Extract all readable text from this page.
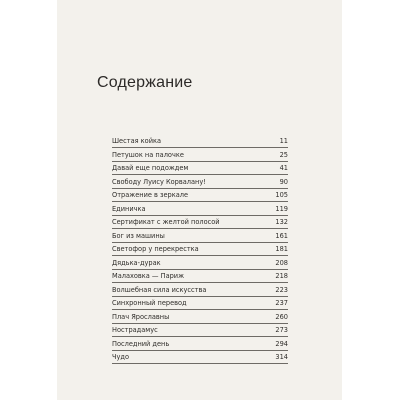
Содержание
Шестая койка	11
Петушок на палочке	25
Давай еще подождем	41
Свободу Луису Корвалану!	90
Отражение в зеркале	105
Единичка	119
Сертификат с желтой полосой	132
Бог из машины	161
Светофор у перекрестка	181
Дядька-дурак	208
Малаховка — Париж	218
Волшебная сила искусства	223
Синхронный перевод	237
Плач Ярославны	260
Нострадамус	273
Последний день	294
Чудо	314
